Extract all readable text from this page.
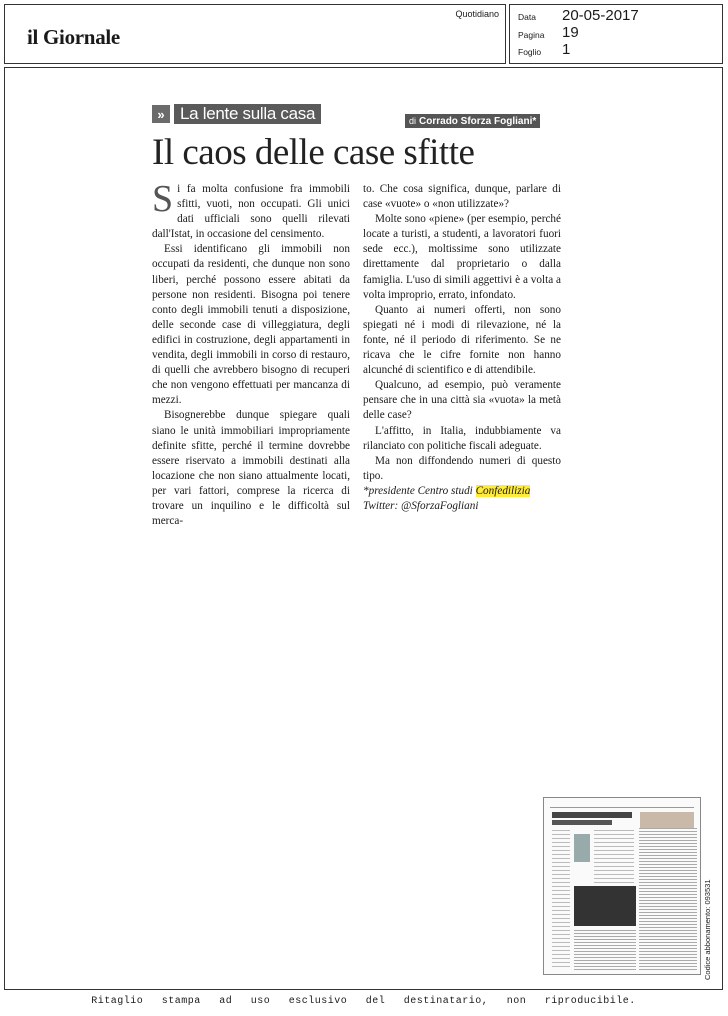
il Giornale
Quotidiano Data 20-05-2017
Pagina 19
Foglio 1
» La lente sulla casa	di Corrado Sforza Fogliani*
Il caos delle case sfitte

Si fa molta confusione fra immobili sfitti, vuoti, non occupati. Gli unici dati ufficiali sono quelli rilevati dall'Istat, in occasione del censimento.

Essi identificano gli immobili non occupati da residenti, che dunque non sono liberi, perché possono essere abitati da persone non residenti. Bisogna poi tenere conto degli immobili tenuti a disposizione, delle seconde case di villeggiatura, degli edifici in costruzione, degli appartamenti in vendita, degli immobili in corso di restauro, di quelli che avrebbero bisogno di recuperi che non vengono effettuati per mancanza di mezzi.

Bisognerebbe dunque spiegare quali siano le unità immobiliari impropriamente definite sfitte, perché il termine dovrebbe essere riservato a immobili destinati alla locazione che non siano attualmente locati, per vari fattori, comprese la ricerca di trovare un inquilino e le difficoltà sul merca-

to. Che cosa significa, dunque, parlare di case «vuote» o «non utilizzate»?

Molte sono «piene» (per esempio, perché locate a turisti, a studenti, a lavoratori fuori sede ecc.), moltissime sono utilizzate direttamente dal proprietario o dalla famiglia. L'uso di simili aggettivi è a volta a volta improprio, errato, infondato.

Quanto ai numeri offerti, non sono spiegati né i modi di rilevazione, né la fonte, né il periodo di riferimento. Se ne ricava che le cifre fornite non hanno alcunché di scientifico e di attendibile.

Qualcuno, ad esempio, può veramente pensare che in una città sia «vuota» la metà delle case?

L'affitto, in Italia, indubbiamente va rilanciato con politiche fiscali adeguate.

Ma non diffondendo numeri di questo tipo.

*presidente Centro studi Confedilizia

Twitter: @SforzaFogliani

Codice abbonamento: 093531
Ritaglio stampa ad uso esclusivo del destinatario, non riproducibile.
